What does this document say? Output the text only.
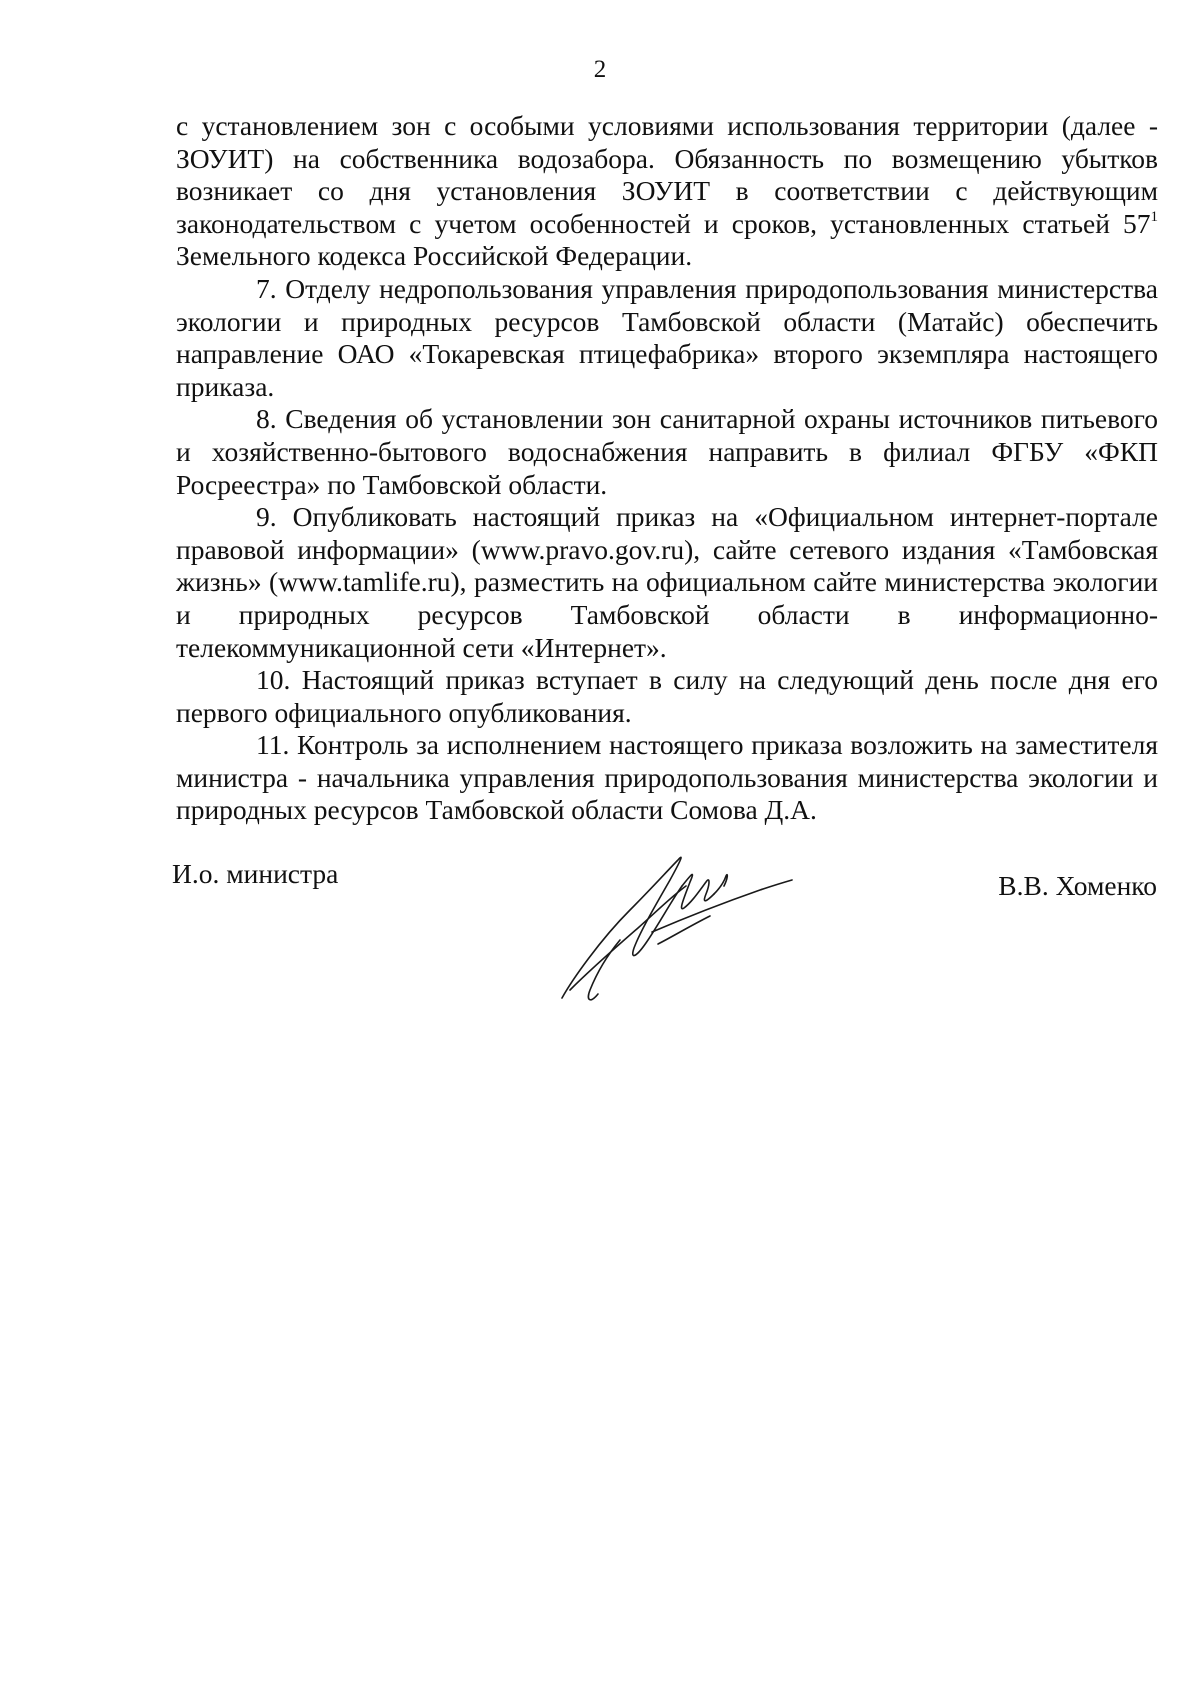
2

с установлением зон с особыми условиями использования территории (далее - ЗОУИТ) на собственника водозабора. Обязанность по возмещению убытков возникает со дня установления ЗОУИТ в соответствии с действующим законодательством с учетом особенностей и сроков, установленных статьей $57^1$ Земельного кодекса Российской Федерации.

7. Отделу недропользования управления природопользования министерства экологии и природных ресурсов Тамбовской области (Матайс) обеспечить направление ОАО «Токаревская птицефабрика» второго экземпляра настоящего приказа.

8. Сведения об установлении зон санитарной охраны источников питьевого и хозяйственно-бытового водоснабжения направить в филиал ФГБУ «ФКП Росреестра» по Тамбовской области.

9. Опубликовать настоящий приказ на «Официальном интернет-портале правовой информации» (www.pravo.gov.ru), сайте сетевого издания «Тамбовская жизнь» (www.tamlife.ru), разместить на официальном сайте министерства экологии и природных ресурсов Тамбовской области в информационно-телекоммуникационной сети «Интернет».

10. Настоящий приказ вступает в силу на следующий день после дня его первого официального опубликования.

11. Контроль за исполнением настоящего приказа возложить на заместителя министра - начальника управления природопользования министерства экологии и природных ресурсов Тамбовской области Сомова Д.А.

И.о. министра	В.В. Хоменко
